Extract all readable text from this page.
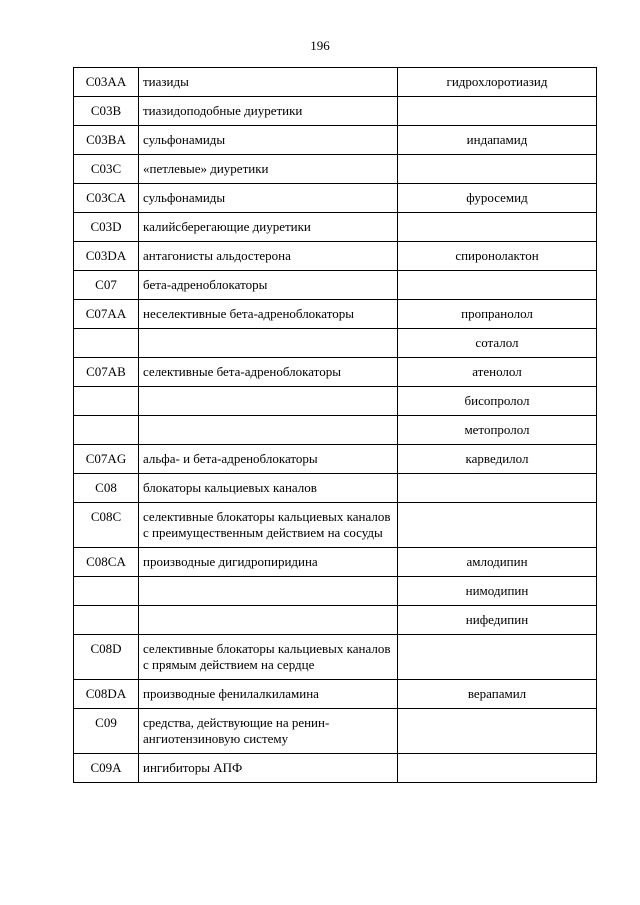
196
C03AA	тиазиды	гидрохлоротиазид
C03B	тиазидоподобные диуретики	
C03BA	сульфонамиды	индапамид
C03C	«петлевые» диуретики	
C03CA	сульфонамиды	фуросемид
C03D	калийсберегающие диуретики	
C03DA	антагонисты альдостерона	спиронолактон
C07	бета-адреноблокаторы	
C07AA	неселективные бета-адреноблокаторы	пропранолол
		соталол
C07AB	селективные бета-адреноблокаторы	атенолол
		бисопролол
		метопролол
C07AG	альфа- и бета-адреноблокаторы	карведилол
C08	блокаторы кальциевых каналов	
C08C	селективные блокаторы кальциевых каналов с преимущественным действием на сосуды	
C08CA	производные дигидропиридина	амлодипин
		нимодипин
		нифедипин
C08D	селективные блокаторы кальциевых каналов с прямым действием на сердце	
C08DA	производные фенилалкиламина	верапамил
C09	средства, действующие на ренин-ангиотензиновую систему	
C09A	ингибиторы АПФ	
